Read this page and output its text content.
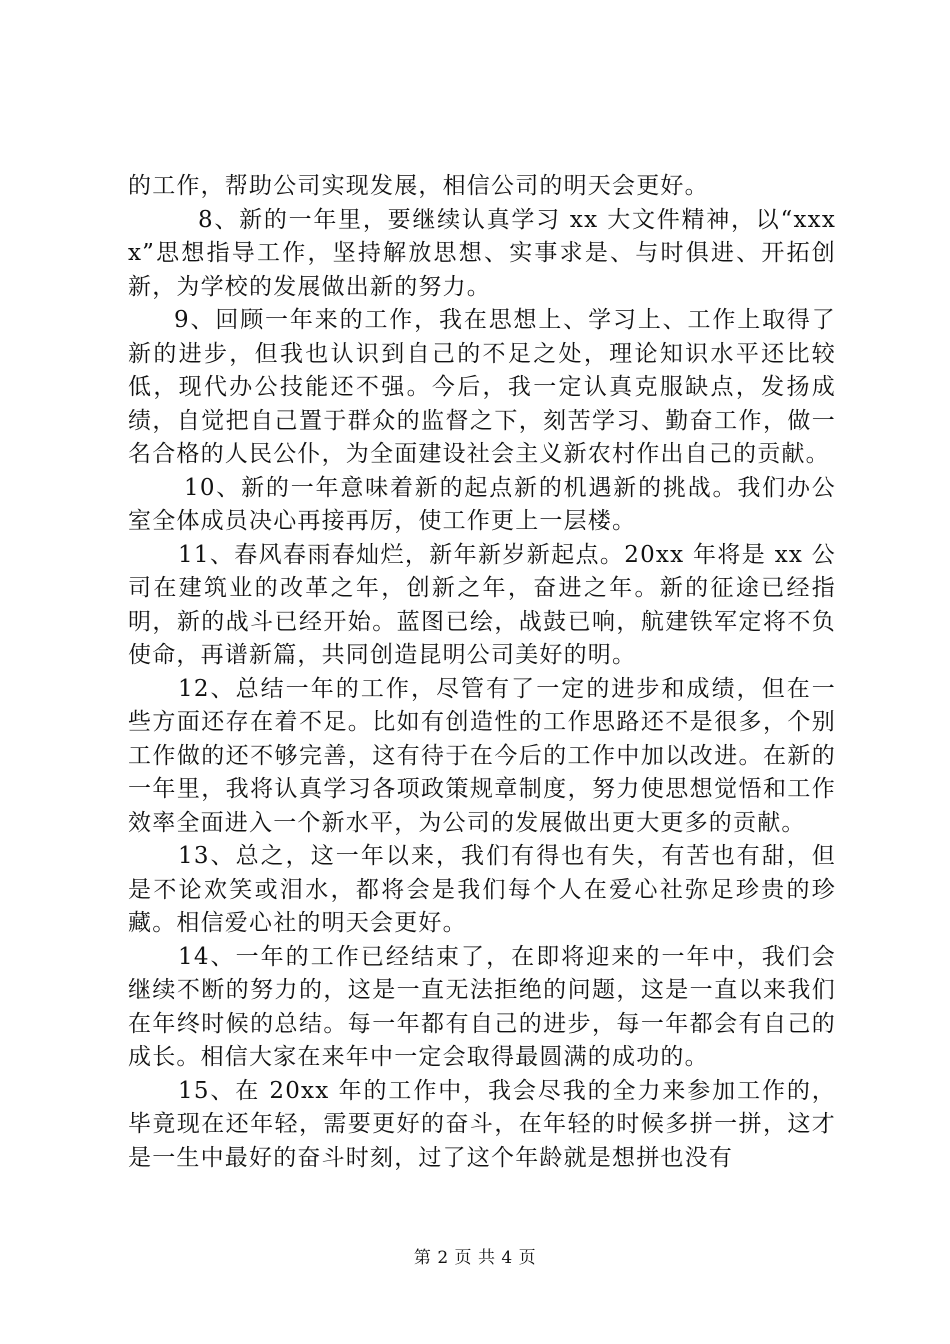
的工作，帮助公司实现发展，相信公司的明天会更好。

8、新的一年里，要继续认真学习 xx 大文件精神，以“xxxx”思想指导工作，坚持解放思想、实事求是、与时俱进、开拓创新，为学校的发展做出新的努力。

9、回顾一年来的工作，我在思想上、学习上、工作上取得了新的进步，但我也认识到自己的不足之处，理论知识水平还比较低，现代办公技能还不强。今后，我一定认真克服缺点，发扬成绩，自觉把自己置于群众的监督之下，刻苦学习、勤奋工作，做一名合格的人民公仆，为全面建设社会主义新农村作出自己的贡献。

10、新的一年意味着新的起点新的机遇新的挑战。我们办公室全体成员决心再接再厉，使工作更上一层楼。

11、春风春雨春灿烂，新年新岁新起点。20xx 年将是 xx 公司在建筑业的改革之年，创新之年，奋进之年。新的征途已经指明，新的战斗已经开始。蓝图已绘，战鼓已响，航建铁军定将不负使命，再谱新篇，共同创造昆明公司美好的明。

12、总结一年的工作，尽管有了一定的进步和成绩，但在一些方面还存在着不足。比如有创造性的工作思路还不是很多，个别工作做的还不够完善，这有待于在今后的工作中加以改进。在新的一年里，我将认真学习各项政策规章制度，努力使思想觉悟和工作效率全面进入一个新水平，为公司的发展做出更大更多的贡献。

13、总之，这一年以来，我们有得也有失，有苦也有甜，但是不论欢笑或泪水，都将会是我们每个人在爱心社弥足珍贵的珍藏。相信爱心社的明天会更好。

14、一年的工作已经结束了，在即将迎来的一年中，我们会继续不断的努力的，这是一直无法拒绝的问题，这是一直以来我们在年终时候的总结。每一年都有自己的进步，每一年都会有自己的成长。相信大家在来年中一定会取得最圆满的成功的。

15、在 20xx 年的工作中，我会尽我的全力来参加工作的，毕竟现在还年轻，需要更好的奋斗，在年轻的时候多拼一拼，这才是一生中最好的奋斗时刻，过了这个年龄就是想拼也没有

第 2 页 共 4 页
